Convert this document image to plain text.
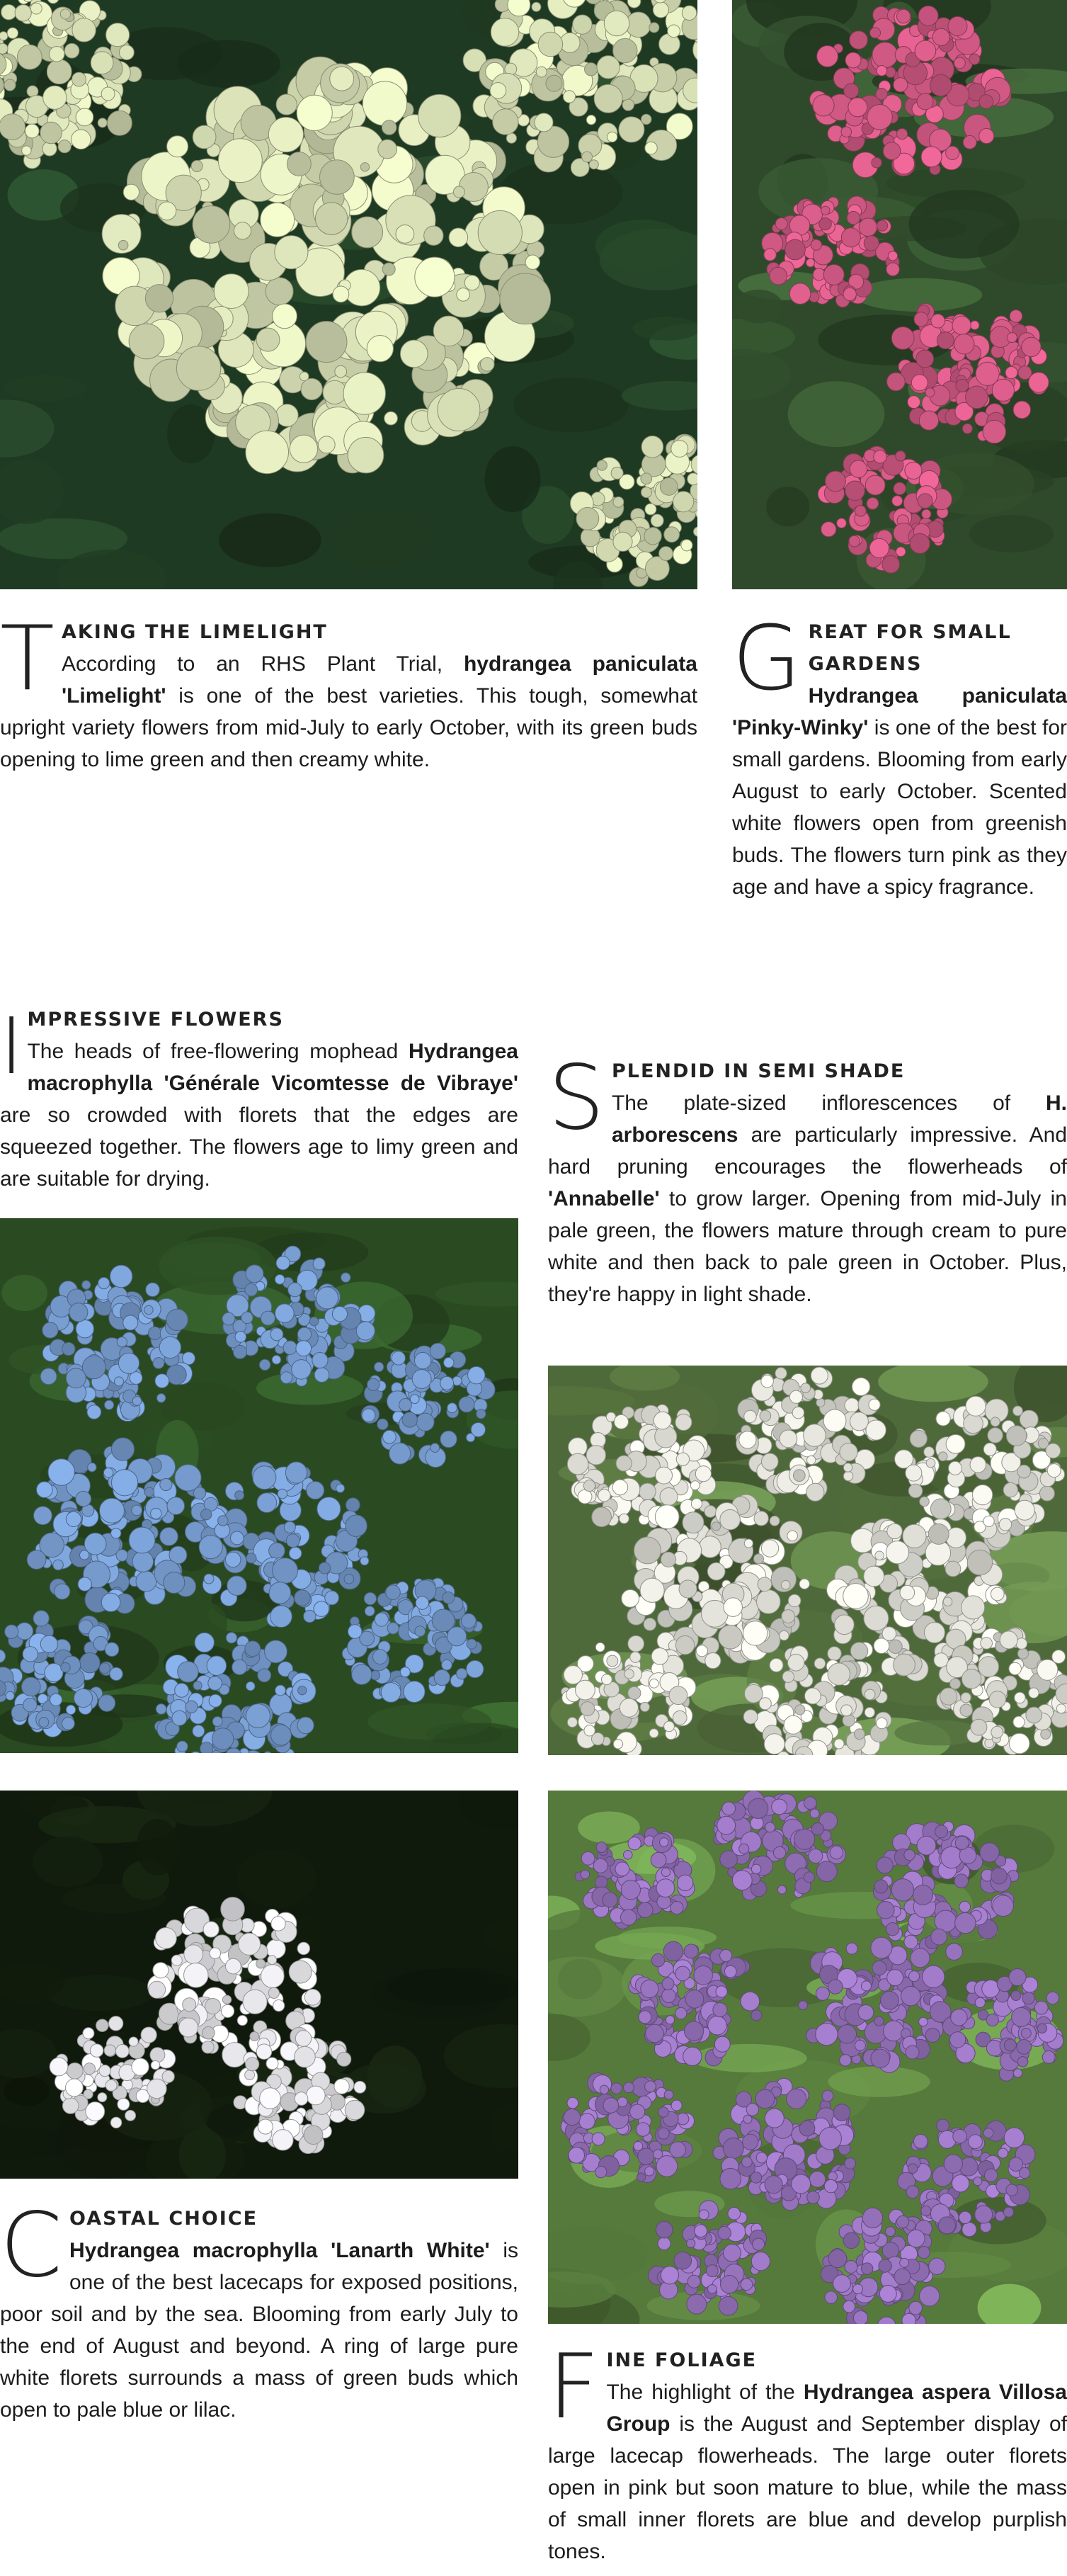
T AKING THE LIMELIGHT
According to an RHS Plant Trial, hydrangea paniculata 'Limelight' is one of the best varieties. This tough, somewhat upright variety flowers from mid-July to early October, with its green buds opening to lime green and then creamy white.
G REAT FOR SMALL GARDENS
Hydrangea paniculata 'Pinky-Winky' is one of the best for small gardens. Blooming from early August to early October. Scented white flowers open from greenish buds. The flowers turn pink as they age and have a spicy fragrance.
I MPRESSIVE FLOWERS
The heads of free-flowering mophead Hydrangea macrophylla 'Générale Vicomtesse de Vibraye' are so crowded with florets that the edges are squeezed together. The flowers age to limy green and are suitable for drying.
S PLENDID IN SEMI SHADE
The plate-sized inflorescences of H. arborescens are particularly impressive. And hard pruning encourages the flowerheads of 'Annabelle' to grow larger. Opening from mid-July in pale green, the flowers mature through cream to pure white and then back to pale green in October. Plus, they're happy in light shade.
C OASTAL CHOICE
Hydrangea macrophylla 'Lanarth White' is one of the best lacecaps for exposed positions, poor soil and by the sea. Blooming from early July to the end of August and beyond. A ring of large pure white florets surrounds a mass of green buds which open to pale blue or lilac.	F INE FOLIAGE
The highlight of the Hydrangea aspera Villosa Group is the August and September display of large lacecap flowerheads. The large outer florets open in pink but soon mature to blue, while the mass of small inner florets are blue and develop purplish tones.
